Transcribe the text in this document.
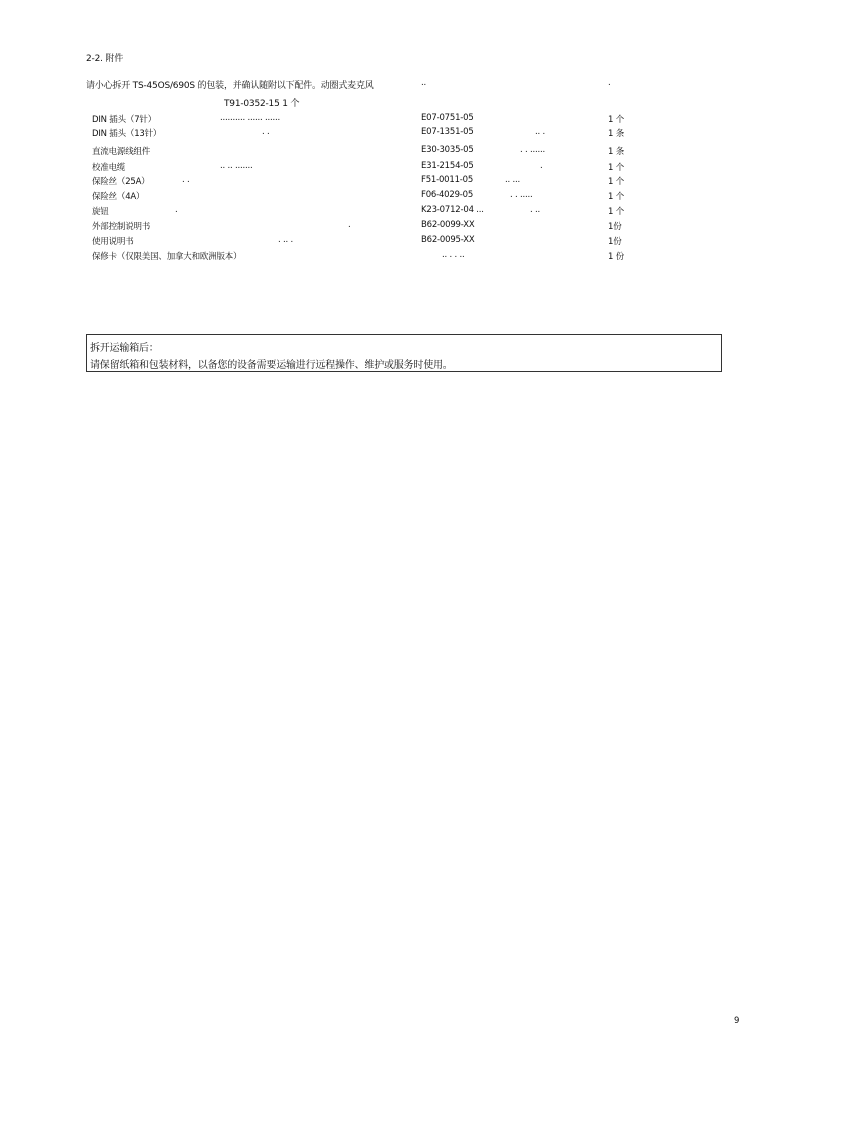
2-2. 附件
请小心拆开 TS-45OS/690S 的包装，并确认随附以下配件。动圈式麦克风	..	.
T91-0352-15 1 个
DIN 插头（7针）	.......... ...... ......	E07-0751-05	1 个
DIN 插头（13针）	. .	E07-1351-05	.. .	1 条
直流电源线组件	E30-3035-05	. . ......	1 条
校准电缆	.. .. .......	E31-2154-05	.	1 个
保险丝（25A）	. .	F51-0011-05	.. ...	1 个
保险丝（4A）	F06-4029-05	. . .....	1 个
旋钮	.	K23-0712-04 ...	. ..	1 个
外部控制说明书	.	B62-0099-XX	1份
使用说明书	. .. .	B62-0095-XX	1份
保修卡（仅限美国、加拿大和欧洲版本）	.. . . ..	1 份
拆开运输箱后：
请保留纸箱和包装材料，以备您的设备需要运输进行远程操作、维护或服务时使用。
9
